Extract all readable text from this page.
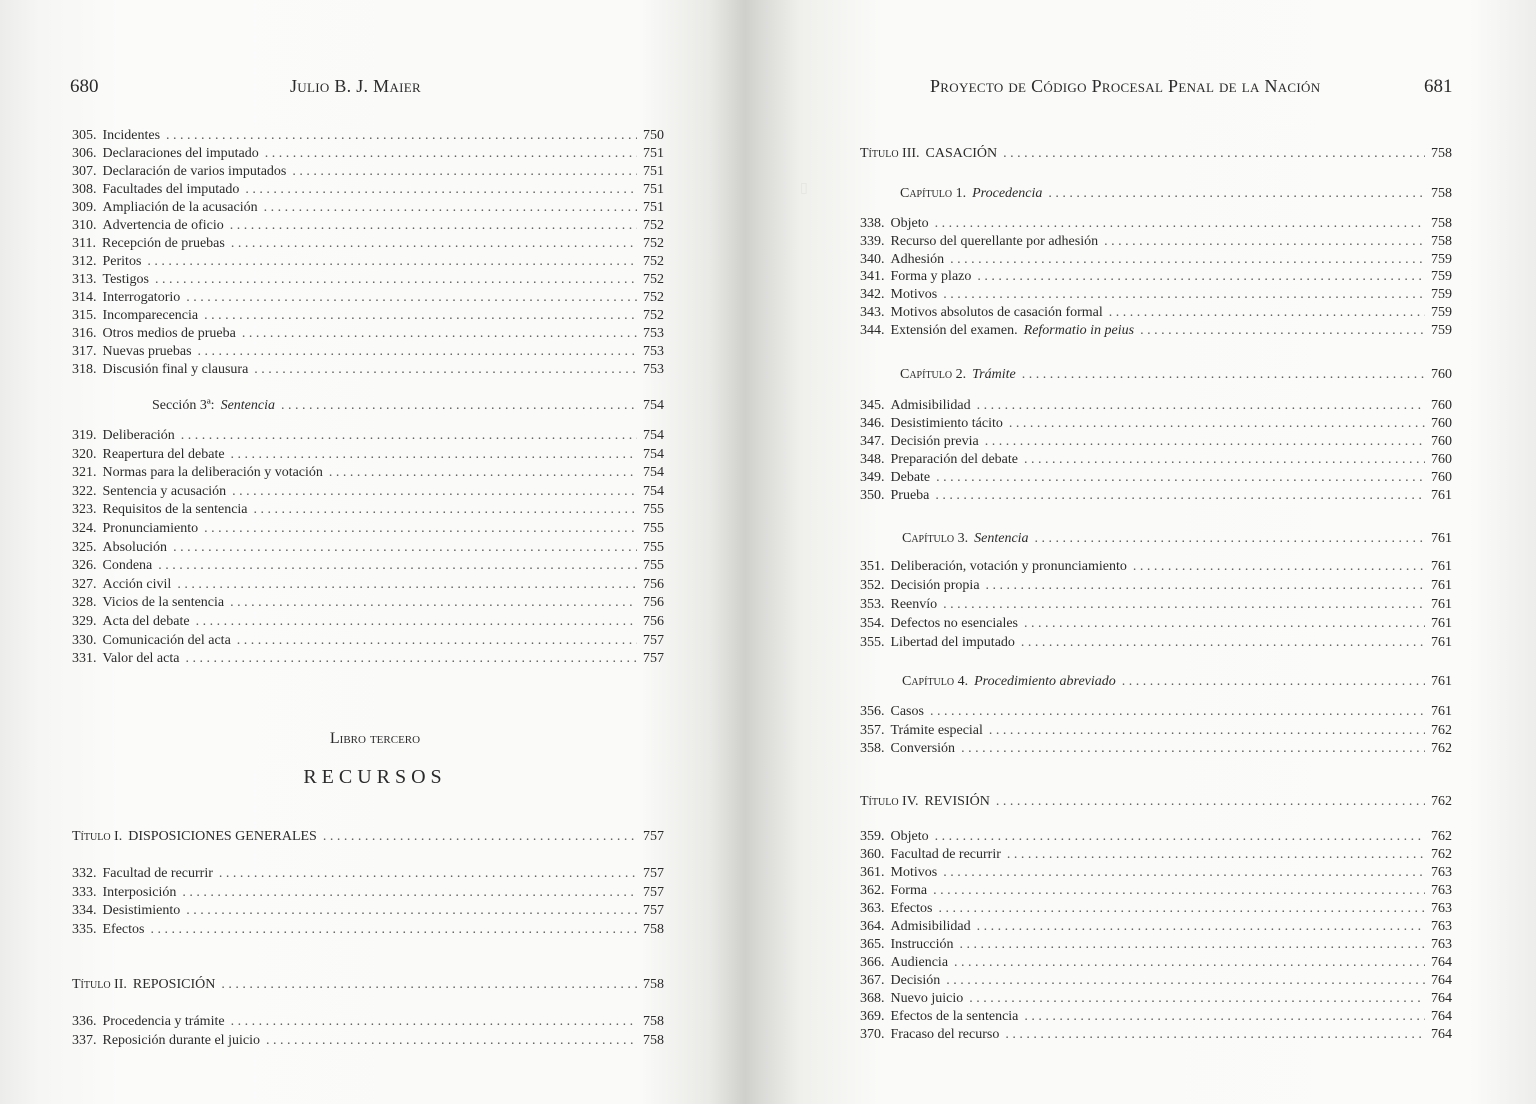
680	Julio B. J. Maier
305. Incidentes . . .	750
306. Declaraciones del imputado . . .	751
307. Declaración de varios imputados . . .	751
308. Facultades del imputado . . .	751
309. Ampliación de la acusación . . .	751
310. Advertencia de oficio . . .	752
311. Recepción de pruebas . . .	752
312. Peritos . . .	752
313. Testigos . . .	752
314. Interrogatorio . . .	752
315. Incomparecencia . . .	752
316. Otros medios de prueba . . .	753
317. Nuevas pruebas . . .	753
318. Discusión final y clausura . . .	753
Sección 3ª: Sentencia . . .	754
319. Deliberación . . .	754
320. Reapertura del debate . . .	754
321. Normas para la deliberación y votación . . .	754
322. Sentencia y acusación . . .	754
323. Requisitos de la sentencia . . .	755
324. Pronunciamiento . . .	755
325. Absolución . . .	755
326. Condena . . .	755
327. Acción civil . . .	756
328. Vicios de la sentencia . . .	756
329. Acta del debate . . .	756
330. Comunicación del acta . . .	757
331. Valor del acta . . .	757
Título I. DISPOSICIONES GENERALES . . .	757
332. Facultad de recurrir . . .	757
333. Interposición . . .	757
334. Desistimiento . . .	757
335. Efectos . . .	758
Título II. REPOSICIÓN . . .	758
336. Procedencia y trámite . . .	758
337. Reposición durante el juicio . . .	758
Libro tercero
RECURSOS
Proyecto de Código Procesal Penal de la Nación	681
Título III. CASACIÓN . . .	758
Capítulo 1. Procedencia . . .	758
338. Objeto . . .	758
339. Recurso del querellante por adhesión . . .	758
340. Adhesión . . .	759
341. Forma y plazo . . .	759
342. Motivos . . .	759
343. Motivos absolutos de casación formal . . .	759
344. Extensión del examen. Reformatio in peius . . .	759
Capítulo 2. Trámite . . .	760
345. Admisibilidad . . .	760
346. Desistimiento tácito . . .	760
347. Decisión previa . . .	760
348. Preparación del debate . . .	760
349. Debate . . .	760
350. Prueba . . .	761
Capítulo 3. Sentencia . . .	761
351. Deliberación, votación y pronunciamiento . . .	761
352. Decisión propia . . .	761
353. Reenvío . . .	761
354. Defectos no esenciales . . .	761
355. Libertad del imputado . . .	761
Capítulo 4. Procedimiento abreviado . . .	761
356. Casos . . .	761
357. Trámite especial . . .	762
358. Conversión . . .	762
Título IV. REVISIÓN . . .	762
359. Objeto . . .	762
360. Facultad de recurrir . . .	762
361. Motivos . . .	763
362. Forma . . .	763
363. Efectos . . .	763
364. Admisibilidad . . .	763
365. Instrucción . . .	763
366. Audiencia . . .	764
367. Decisión . . .	764
368. Nuevo juicio . . .	764
369. Efectos de la sentencia . . .	764
370. Fracaso del recurso . . .	764
▯
